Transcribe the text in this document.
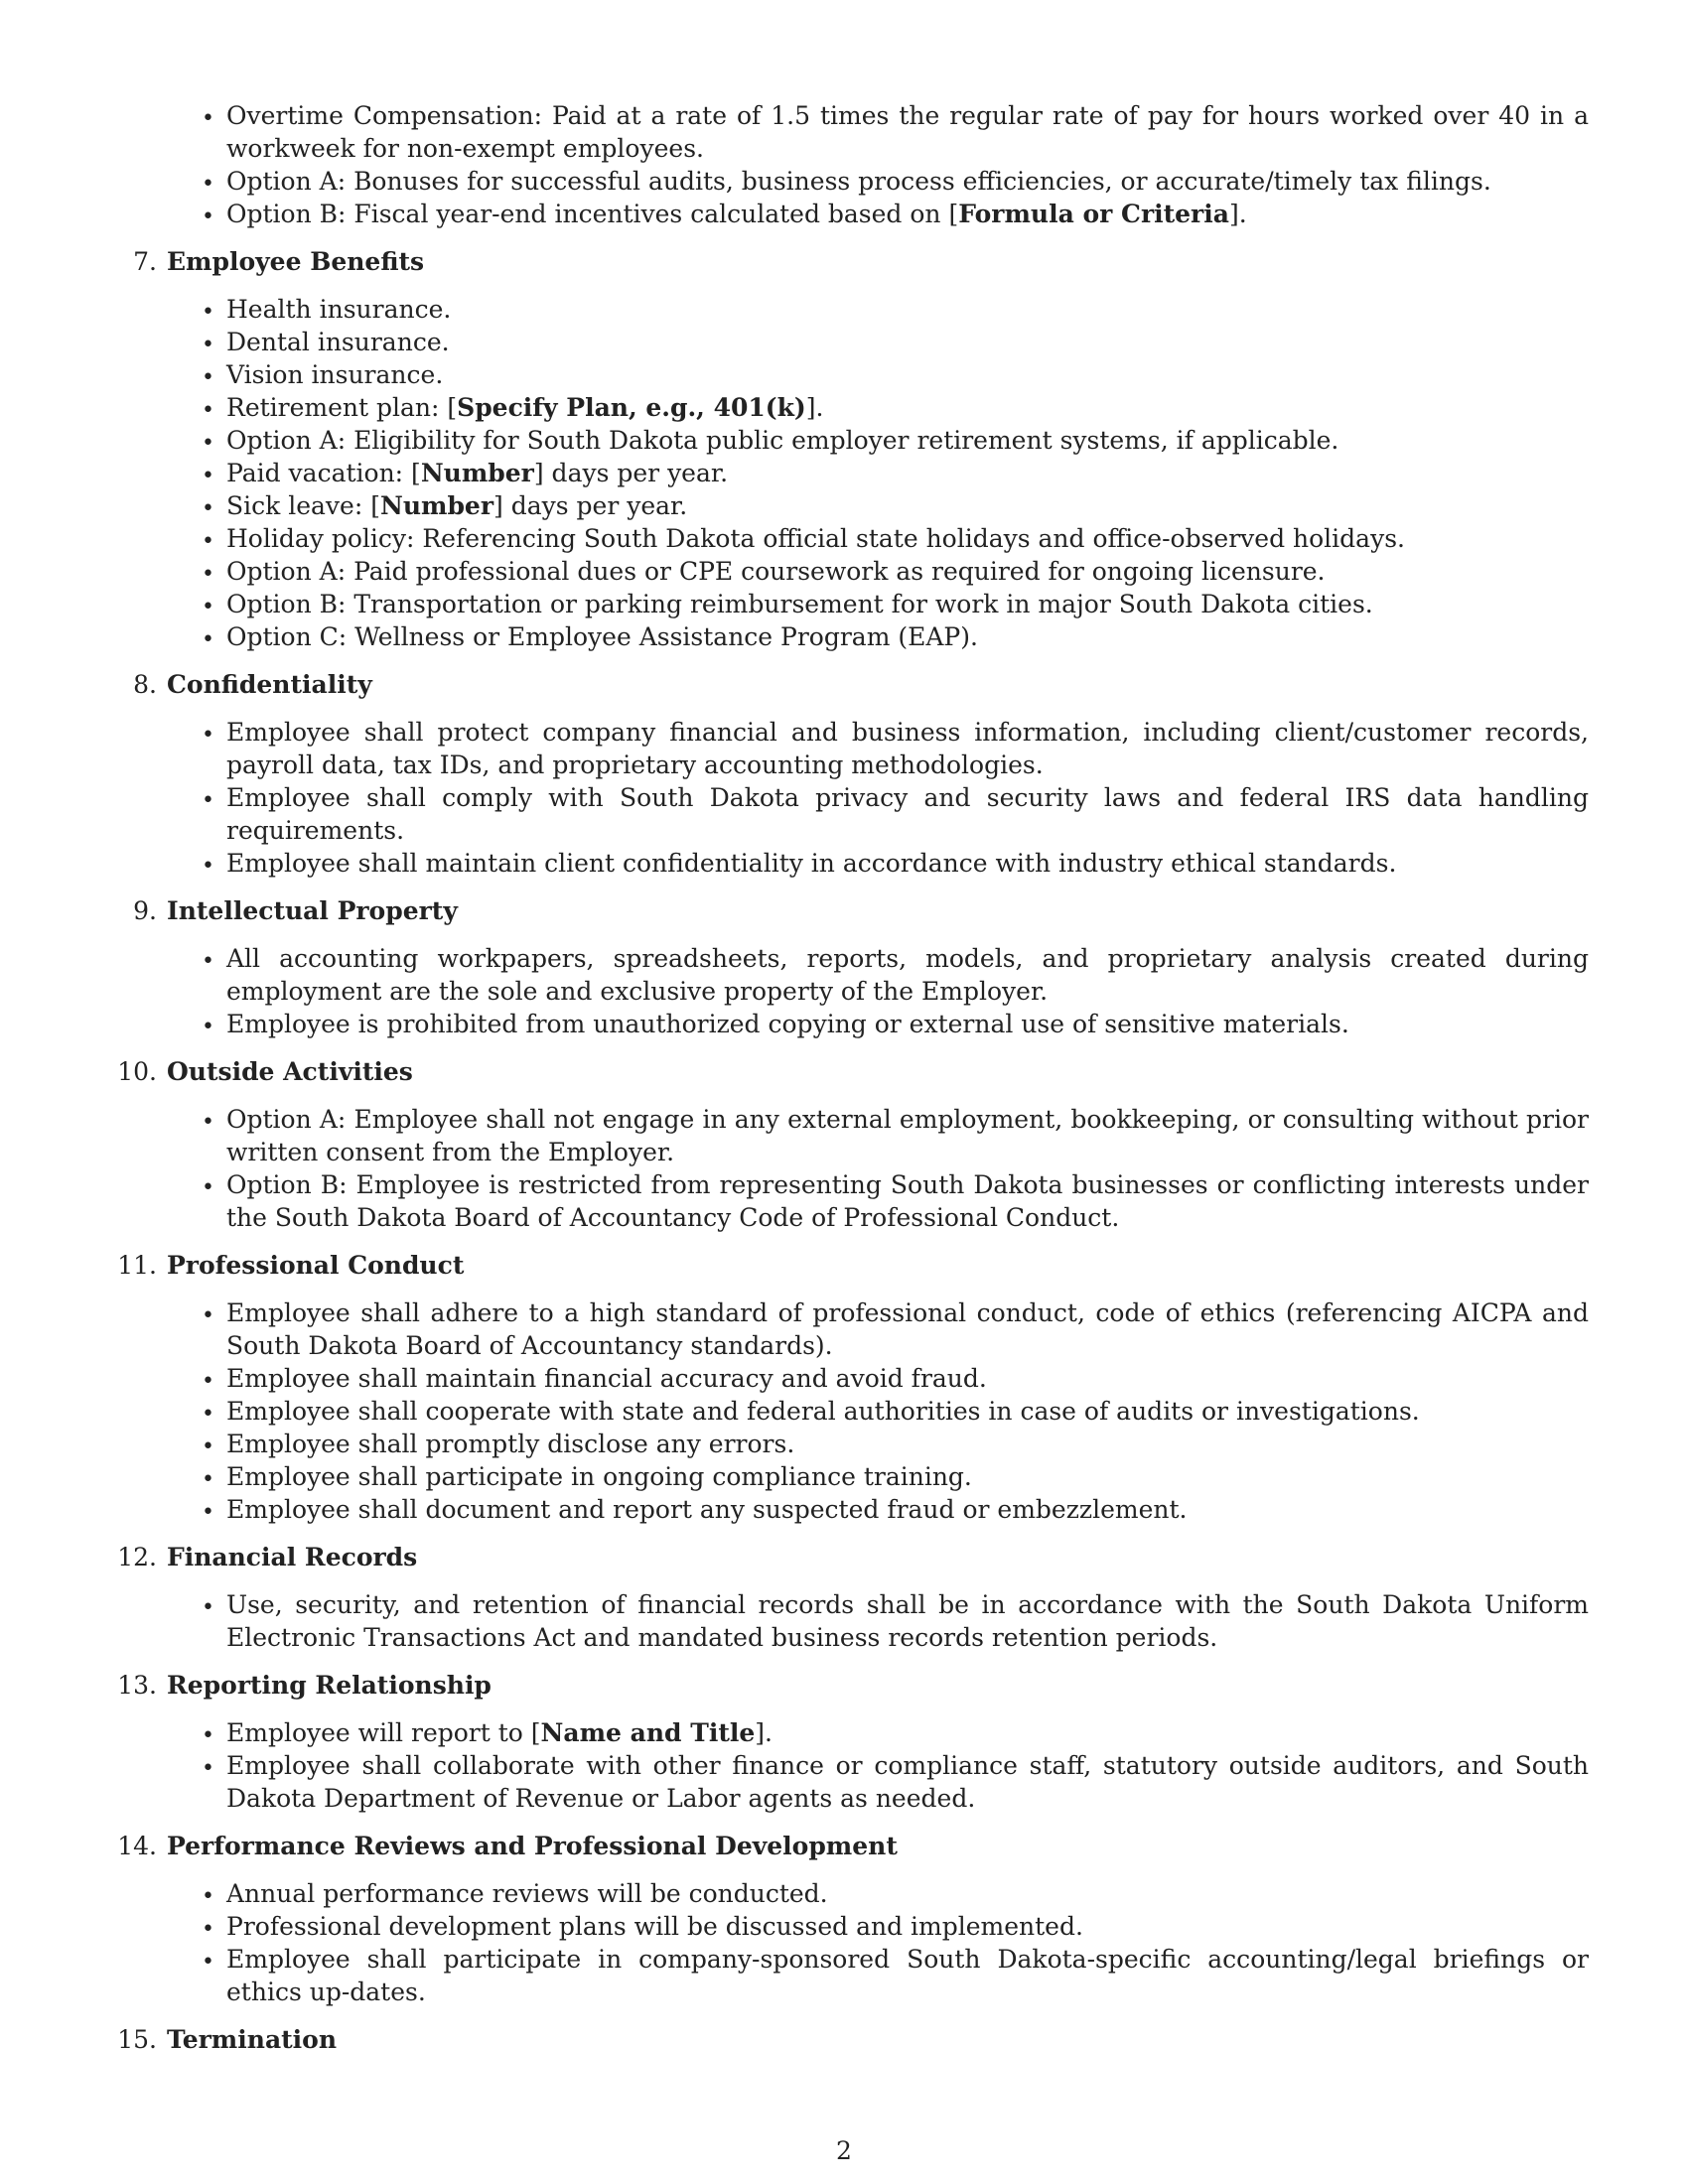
• Overtime Compensation: Paid at a rate of 1.5 times the regular rate of pay for hours worked over 40 in a workweek for non-exempt employees.
• Option A: Bonuses for successful audits, business process efficiencies, or accurate/timely tax filings.
• Option B: Fiscal year-end incentives calculated based on [Formula or Criteria].
7. Employee Benefits
• Health insurance.
• Dental insurance.
• Vision insurance.
• Retirement plan: [Specify Plan, e.g., 401(k)].
• Option A: Eligibility for South Dakota public employer retirement systems, if applicable.
• Paid vacation: [Number] days per year.
• Sick leave: [Number] days per year.
• Holiday policy: Referencing South Dakota official state holidays and office-observed holidays.
• Option A: Paid professional dues or CPE coursework as required for ongoing licensure.
• Option B: Transportation or parking reimbursement for work in major South Dakota cities.
• Option C: Wellness or Employee Assistance Program (EAP).
8. Confidentiality
• Employee shall protect company financial and business information, including client/customer records, payroll data, tax IDs, and proprietary accounting methodologies.
• Employee shall comply with South Dakota privacy and security laws and federal IRS data handling requirements.
• Employee shall maintain client confidentiality in accordance with industry ethical standards.
9. Intellectual Property
• All accounting workpapers, spreadsheets, reports, models, and proprietary analysis created during employment are the sole and exclusive property of the Employer.
• Employee is prohibited from unauthorized copying or external use of sensitive materials.
10. Outside Activities
• Option A: Employee shall not engage in any external employment, bookkeeping, or consulting without prior written consent from the Employer.
• Option B: Employee is restricted from representing South Dakota businesses or conflicting interests under the South Dakota Board of Accountancy Code of Professional Conduct.
11. Professional Conduct
• Employee shall adhere to a high standard of professional conduct, code of ethics (referencing AICPA and South Dakota Board of Accountancy standards).
• Employee shall maintain financial accuracy and avoid fraud.
• Employee shall cooperate with state and federal authorities in case of audits or investigations.
• Employee shall promptly disclose any errors.
• Employee shall participate in ongoing compliance training.
• Employee shall document and report any suspected fraud or embezzlement.
12. Financial Records
• Use, security, and retention of financial records shall be in accordance with the South Dakota Uniform Electronic Transactions Act and mandated business records retention periods.
13. Reporting Relationship
• Employee will report to [Name and Title].
• Employee shall collaborate with other finance or compliance staff, statutory outside auditors, and South Dakota Department of Revenue or Labor agents as needed.
14. Performance Reviews and Professional Development
• Annual performance reviews will be conducted.
• Professional development plans will be discussed and implemented.
• Employee shall participate in company-sponsored South Dakota-specific accounting/legal briefings or ethics up-dates.
15. Termination
2
